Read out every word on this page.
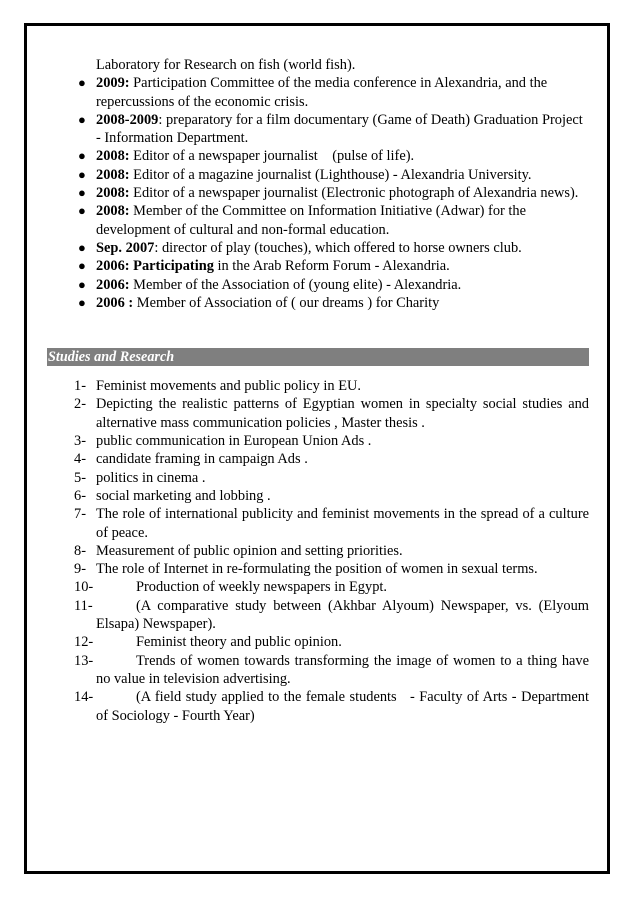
Laboratory for Research on fish (world fish).
● 2009: Participation Committee of the media conference in Alexandria, and the repercussions of the economic crisis.
● 2008-2009: preparatory for a film documentary (Game of Death) Graduation Project - Information Department.
● 2008: Editor of a newspaper journalist    (pulse of life).
● 2008: Editor of a magazine journalist (Lighthouse) - Alexandria University.
● 2008: Editor of a newspaper journalist (Electronic photograph of Alexandria news).
● 2008: Member of the Committee on Information Initiative (Adwar) for the development of cultural and non-formal education.
● Sep. 2007: director of play (touches), which offered to horse owners club.
● 2006: Participating in the Arab Reform Forum - Alexandria.
● 2006: Member of the Association of (young elite) - Alexandria.
● 2006 : Member of Association of ( our dreams ) for Charity
Studies and Research
1- Feminist movements and public policy in EU.
2- Depicting the realistic patterns of Egyptian women in specialty social studies and alternative mass communication policies , Master thesis .
3- public communication in European Union Ads .
4- candidate framing in campaign Ads .
5- politics in cinema .
6- social marketing and lobbing .
7- The role of international publicity and feminist movements in the spread of a culture of peace.
8- Measurement of public opinion and setting priorities.
9- The role of Internet in re-formulating the position of women in sexual terms.
10-	Production of weekly newspapers in Egypt.
11-	(A comparative study between (Akhbar Alyoum) Newspaper, vs. (Elyoum Elsapa) Newspaper).
12-	Feminist theory and public opinion.
13-	Trends of women towards transforming the image of women to a thing have no value in television advertising.
14-	(A field study applied to the female students   - Faculty of Arts - Department of Sociology - Fourth Year)
